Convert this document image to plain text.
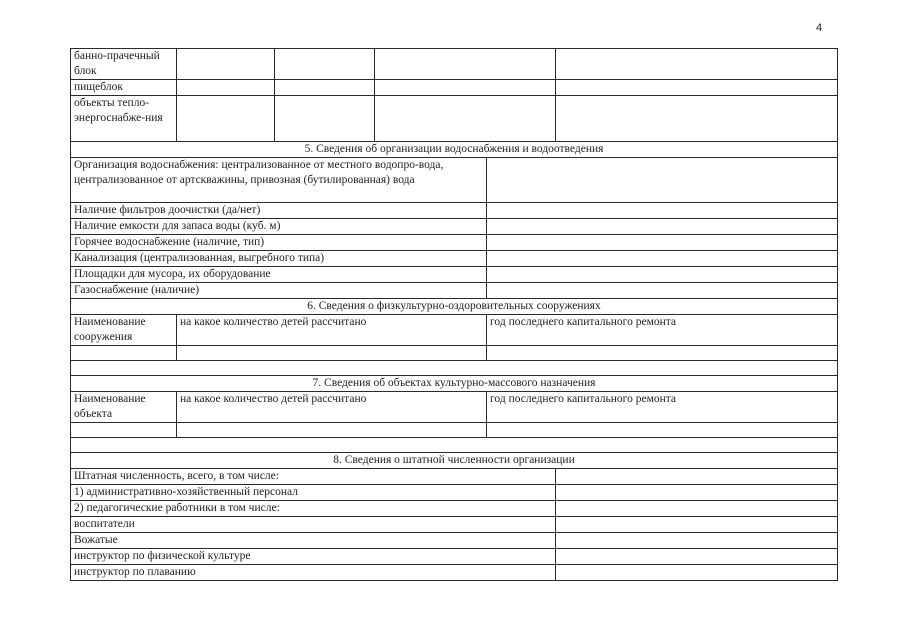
4
банно-прачечный блок					
пищеблок					
объекты тепло-энергоснабже-ния					
5. Сведения об организации водоснабжения и водоотведения					
Организация водоснабжения: централизованное от местного водопро-вода, централизованное от артскважины, привозная (бутилированная) вода					
Наличие фильтров доочистки (да/нет)					
Наличие емкости для запаса воды (куб. м)					
Горячее водоснабжение (наличие, тип)					
Канализация (централизованная, выгребного типа)					
Площадки для мусора, их оборудование					
Газоснабжение (наличие)					
6. Сведения о физкультурно-оздоровительных сооружениях					
Наименование сооружения	на какое количество детей рассчитано			год последнего капитального ремонта	

7. Сведения об объектах культурно-массового назначения					
Наименование объекта	на какое количество детей рассчитано			год последнего капитального ремонта	

8. Сведения о штатной численности организации					
Штатная численность, всего, в том числе:					
1) административно-хозяйственный персонал					
2) педагогические работники в том числе:					
воспитатели					
Вожатые					
инструктор по физической культуре					
инструктор по плаванию					
